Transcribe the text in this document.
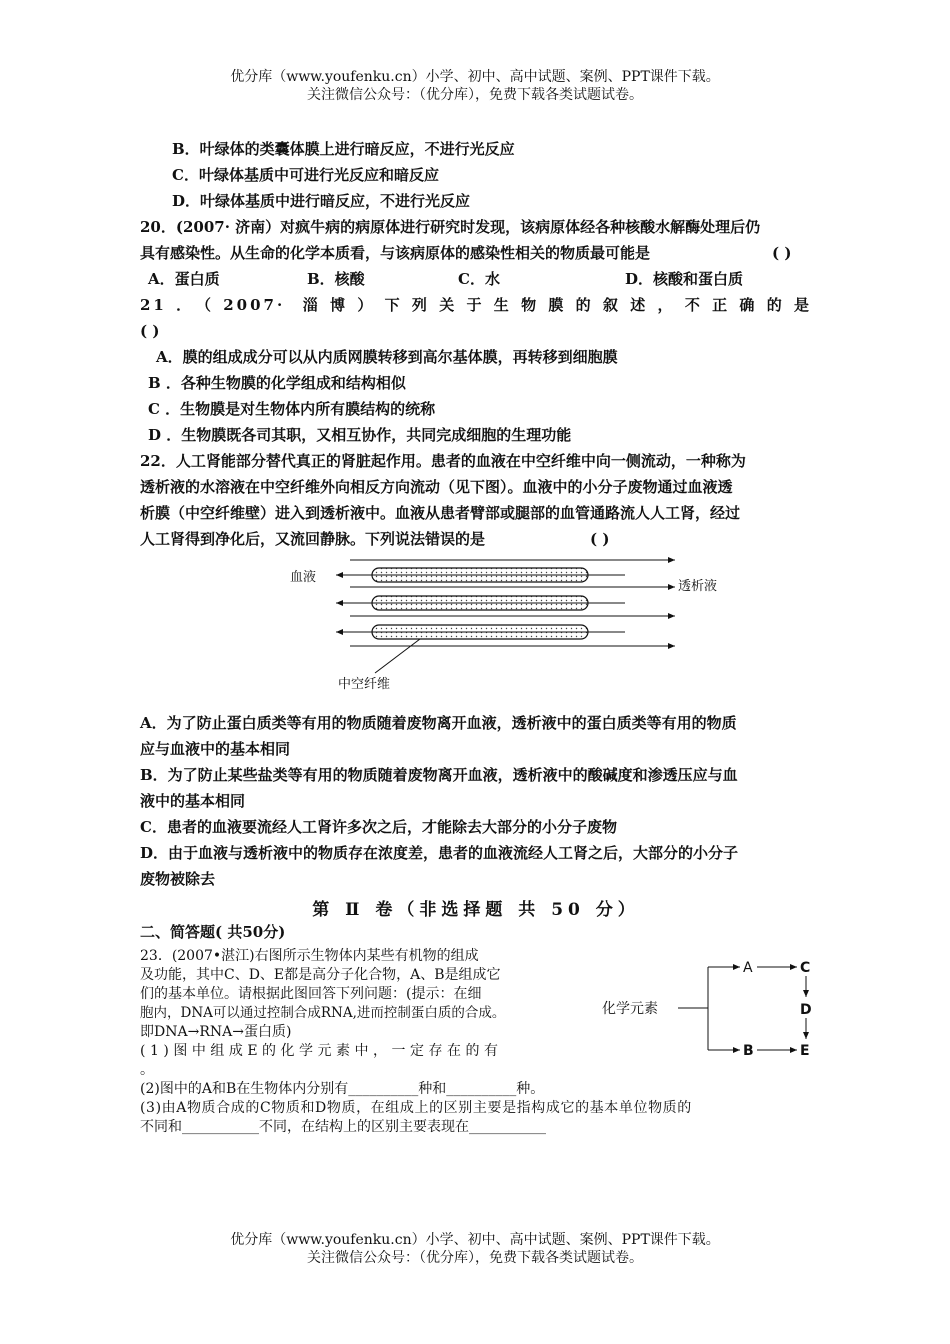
优分库（www.youfenku.cn）小学、初中、高中试题、案例、PPT课件下载。
关注微信公众号：（优分库），免费下载各类试题试卷。
B．叶绿体的类囊体膜上进行暗反应，不进行光反应
C．叶绿体基质中可进行光反应和暗反应
D．叶绿体基质中进行暗反应，不进行光反应
20．(2007· 济南）对疯牛病的病原体进行研究时发现，该病原体经各种核酸水解酶处理后仍
具有感染性。从生命的化学本质看，与该病原体的感染性相关的物质最可能是	( )
A．蛋白质	B．核酸	C．水	D．核酸和蛋白质
21．（2007· 淄博）下列关于生物膜的叙述，不正确的是
( )
A．膜的组成成分可以从内质网膜转移到高尔基体膜，再转移到细胞膜
B ．各种生物膜的化学组成和结构相似
C ．生物膜是对生物体内所有膜结构的统称
D ．生物膜既各司其职，又相互协作，共同完成细胞的生理功能
22．人工肾能部分替代真正的肾脏起作用。患者的血液在中空纤维中向一侧流动，一种称为
透析液的水溶液在中空纤维外向相反方向流动（见下图）。血液中的小分子废物通过血液透
析膜（中空纤维壁）进入到透析液中。血液从患者臂部或腿部的血管通路流人人工肾，经过
人工肾得到净化后，又流回静脉。下列说法错误的是	( )
血液
透析液
中空纤维
A．为了防止蛋白质类等有用的物质随着废物离开血液，透析液中的蛋白质类等有用的物质
应与血液中的基本相同
B．为了防止某些盐类等有用的物质随着废物离开血液，透析液中的酸碱度和渗透压应与血
液中的基本相同
C．患者的血液要流经人工肾许多次之后，才能除去大部分的小分子废物
D．由于血液与透析液中的物质存在浓度差，患者的血液流经人工肾之后，大部分的小分子
废物被除去
第 Ⅱ 卷（非选择题 共 50 分）
二、简答题( 共50分)
23．(2007•湛江)右图所示生物体内某些有机物的组成
及功能，其中C、D、E都是高分子化合物，A、B是组成它
们的基本单位。请根据此图回答下列问题：(提示：在细
胞内，DNA可以通过控制合成RNA,进而控制蛋白质的合成。
即DNA→RNA→蛋白质)
(1)图中组成E的化学元素中，一定存在的有
。
(2)图中的A和B在生物体内分别有__________种和__________种。
(3)由A物质合成的C物质和D物质，在组成上的区别主要是指构成它的基本单位物质的
不同和___________不同，在结构上的区别主要表现在___________
化学元素
A	C
D
B	E
优分库（www.youfenku.cn）小学、初中、高中试题、案例、PPT课件下载。
关注微信公众号：（优分库），免费下载各类试题试卷。
